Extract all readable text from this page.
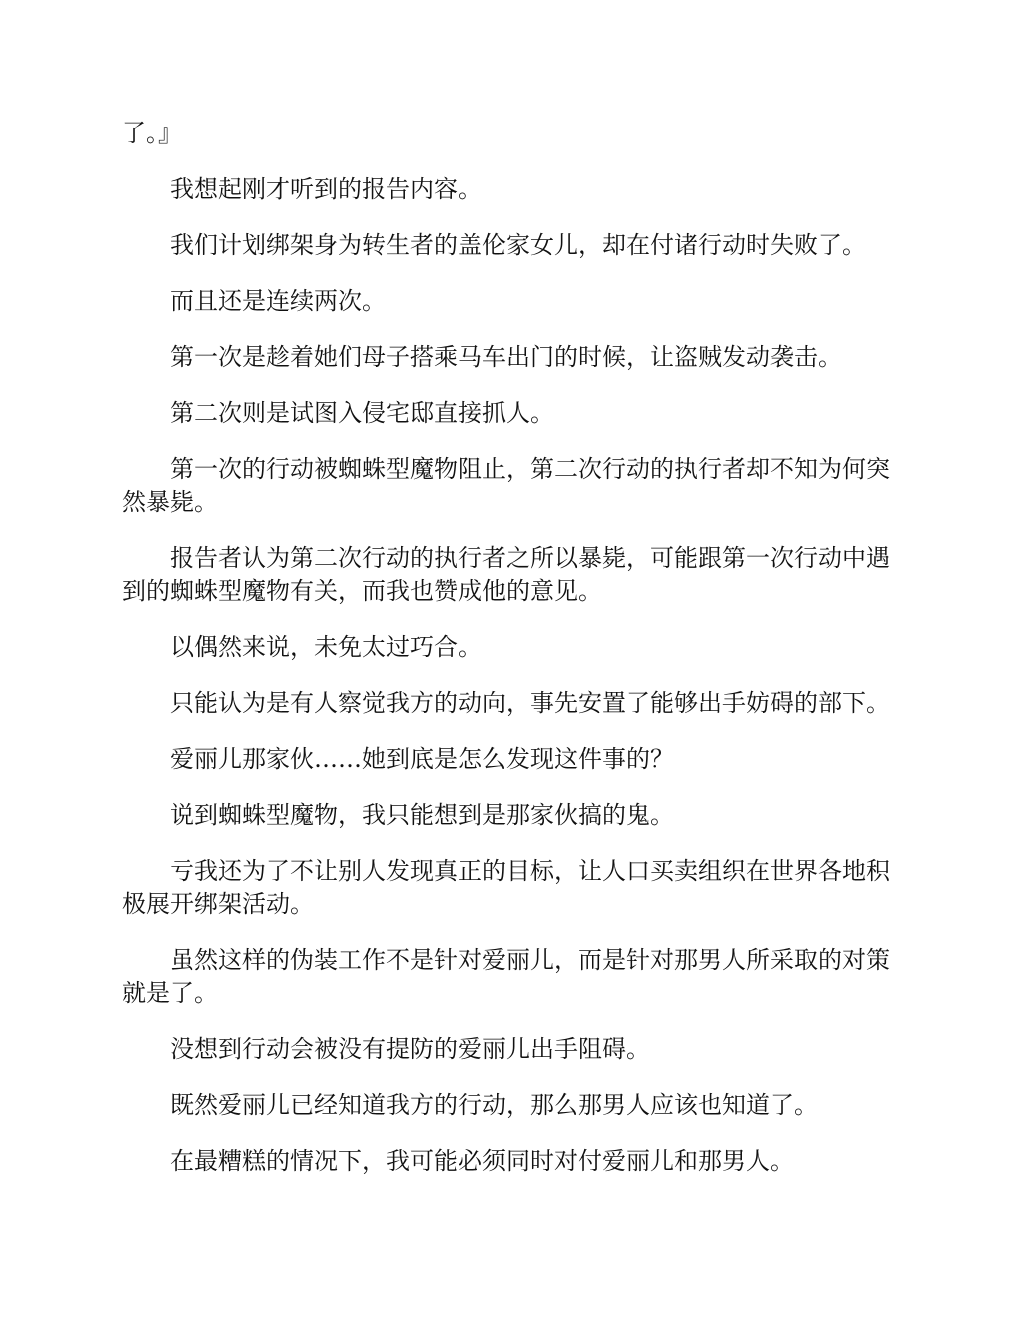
了。』

我想起刚才听到的报告内容。

我们计划绑架身为转生者的盖伦家女儿，却在付诸行动时失败了。

而且还是连续两次。

第一次是趁着她们母子搭乘马车出门的时候，让盗贼发动袭击。

第二次则是试图入侵宅邸直接抓人。

第一次的行动被蜘蛛型魔物阻止，第二次行动的执行者却不知为何突然暴毙。

报告者认为第二次行动的执行者之所以暴毙，可能跟第一次行动中遇到的蜘蛛型魔物有关，而我也赞成他的意见。

以偶然来说，未免太过巧合。

只能认为是有人察觉我方的动向，事先安置了能够出手妨碍的部下。

爱丽儿那家伙……她到底是怎么发现这件事的？

说到蜘蛛型魔物，我只能想到是那家伙搞的鬼。

亏我还为了不让别人发现真正的目标，让人口买卖组织在世界各地积极展开绑架活动。

虽然这样的伪装工作不是针对爱丽儿，而是针对那男人所采取的对策就是了。

没想到行动会被没有提防的爱丽儿出手阻碍。

既然爱丽儿已经知道我方的行动，那么那男人应该也知道了。

在最糟糕的情况下，我可能必须同时对付爱丽儿和那男人。
